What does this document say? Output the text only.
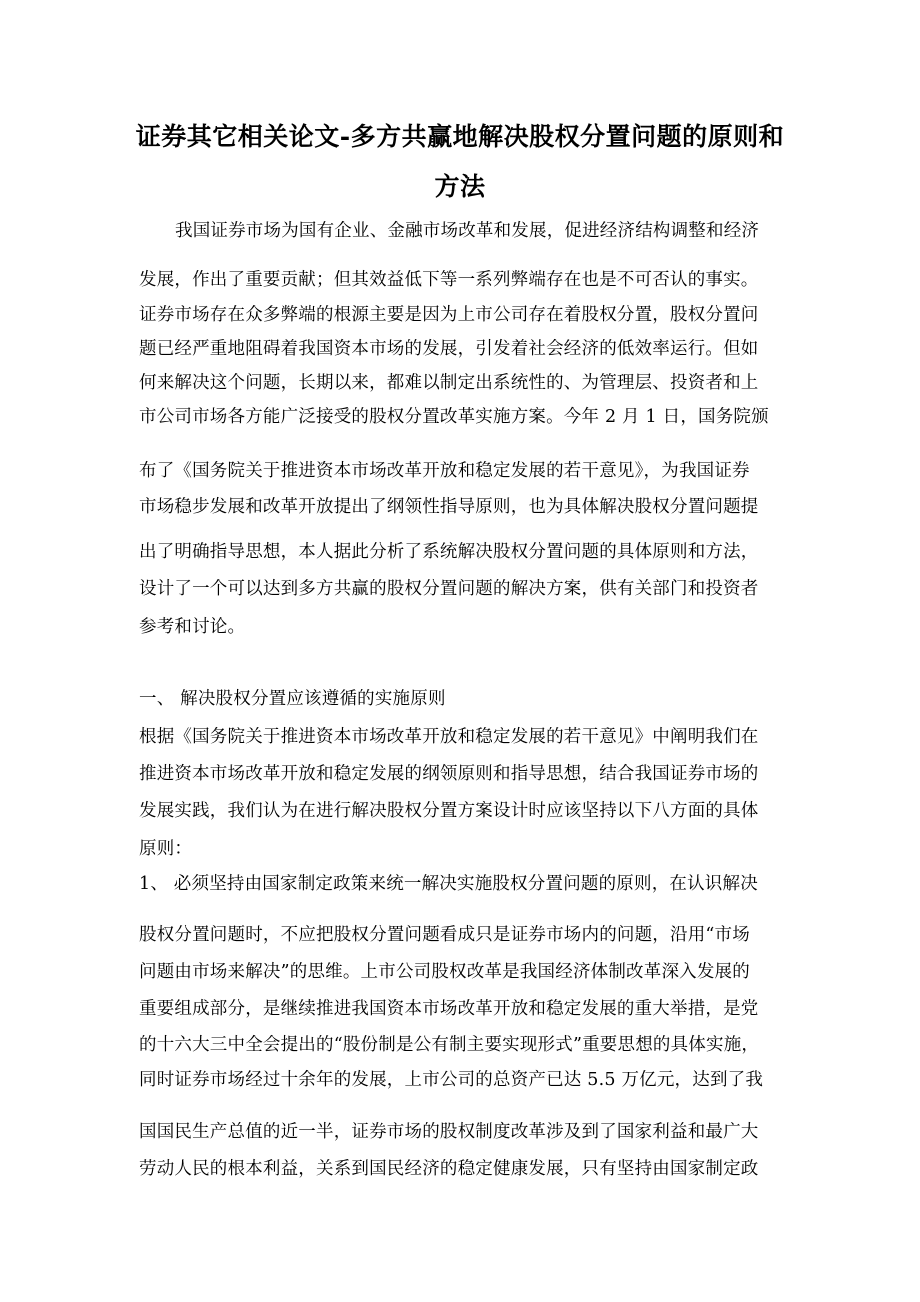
证券其它相关论文-多方共赢地解决股权分置问题的原则和
方法
我国证券市场为国有企业、金融市场改革和发展，促进经济结构调整和经济
发展，作出了重要贡献；但其效益低下等一系列弊端存在也是不可否认的事实。
证券市场存在众多弊端的根源主要是因为上市公司存在着股权分置，股权分置问
题已经严重地阻碍着我国资本市场的发展，引发着社会经济的低效率运行。但如
何来解决这个问题，长期以来，都难以制定出系统性的、为管理层、投资者和上
市公司市场各方能广泛接受的股权分置改革实施方案。今年 2 月 1 日，国务院颁
布了《国务院关于推进资本市场改革开放和稳定发展的若干意见》，为我国证券
市场稳步发展和改革开放提出了纲领性指导原则，也为具体解决股权分置问题提
出了明确指导思想，本人据此分析了系统解决股权分置问题的具体原则和方法，
设计了一个可以达到多方共赢的股权分置问题的解决方案，供有关部门和投资者
参考和讨论。
一、 解决股权分置应该遵循的实施原则
根据《国务院关于推进资本市场改革开放和稳定发展的若干意见》中阐明我们在
推进资本市场改革开放和稳定发展的纲领原则和指导思想，结合我国证券市场的
发展实践，我们认为在进行解决股权分置方案设计时应该坚持以下八方面的具体
原则：
1、 必须坚持由国家制定政策来统一解决实施股权分置问题的原则，在认识解决
股权分置问题时，不应把股权分置问题看成只是证券市场内的问题，沿用“市场
问题由市场来解决”的思维。上市公司股权改革是我国经济体制改革深入发展的
重要组成部分，是继续推进我国资本市场改革开放和稳定发展的重大举措，是党
的十六大三中全会提出的“股份制是公有制主要实现形式”重要思想的具体实施，
同时证券市场经过十余年的发展，上市公司的总资产已达 5.5 万亿元，达到了我
国国民生产总值的近一半，证券市场的股权制度改革涉及到了国家利益和最广大
劳动人民的根本利益，关系到国民经济的稳定健康发展，只有坚持由国家制定政
